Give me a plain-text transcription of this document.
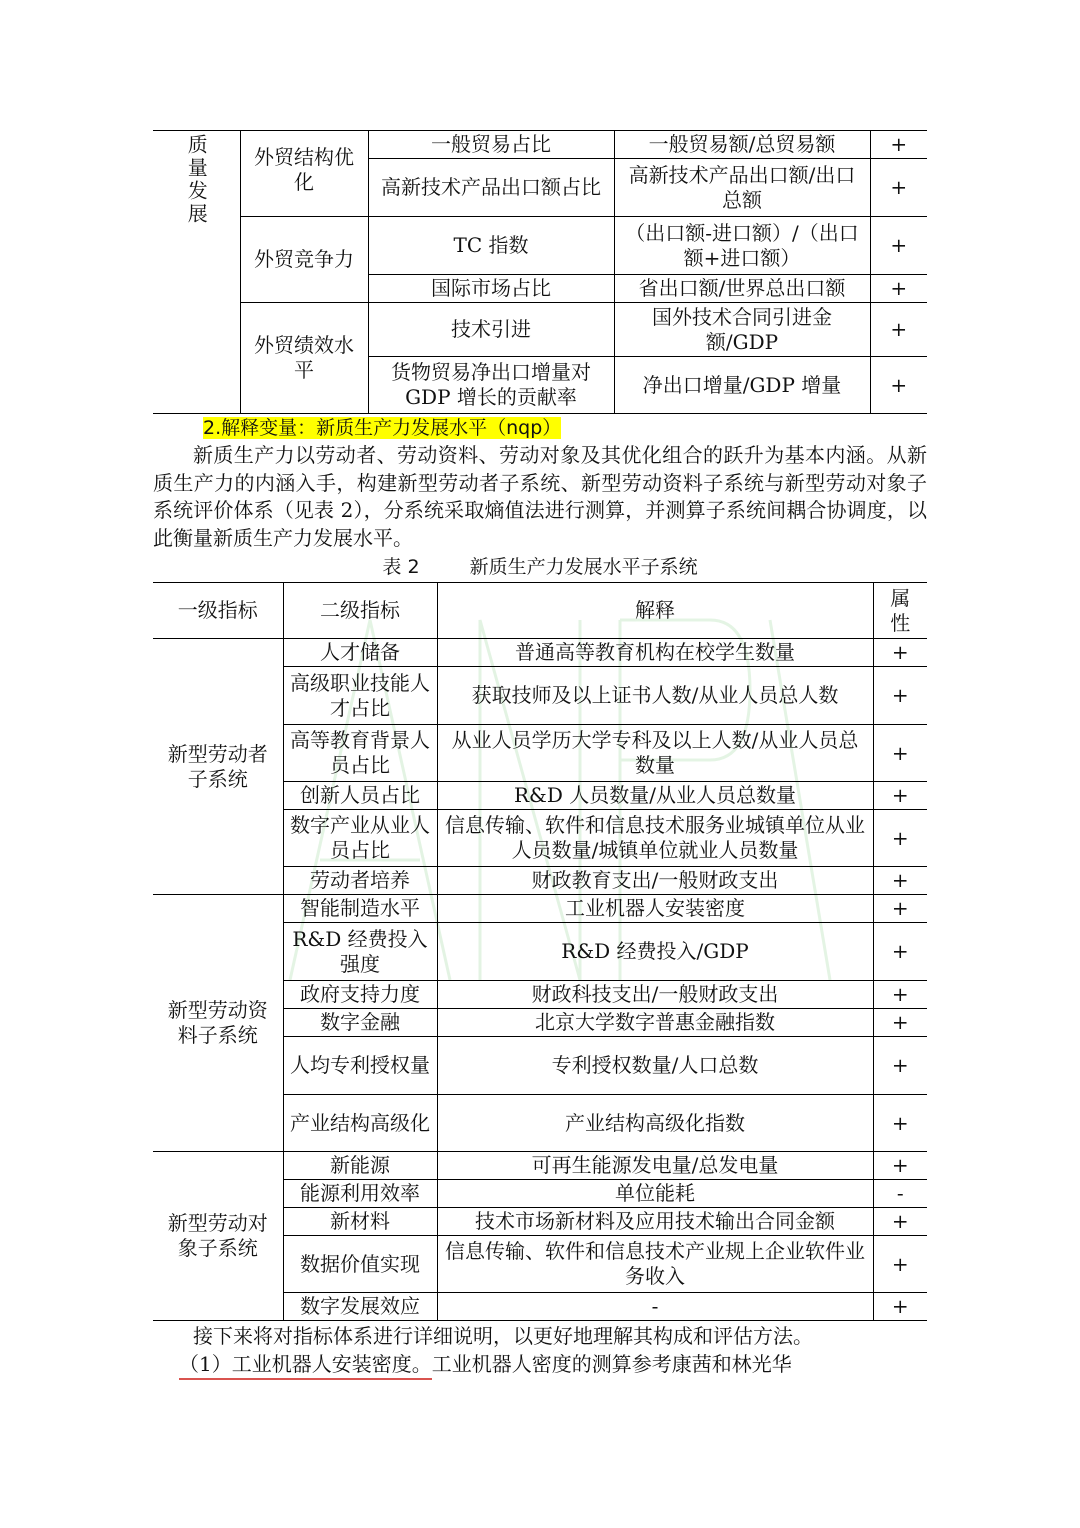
质量发展	外贸结构优化	一般贸易占比	一般贸易额/总贸易额	+
		高新技术产品出口额占比	高新技术产品出口额/出口总额	+
	外贸竞争力	TC 指数	（出口额-进口额）/（出口额+进口额）	+
		国际市场占比	省出口额/世界总出口额	+
	外贸绩效水平	技术引进	国外技术合同引进金额/GDP	+
		货物贸易净出口增量对GDP 增长的贡献率	净出口增量/GDP 增量	+
2.解释变量：新质生产力发展水平（nqp）

新质生产力以劳动者、劳动资料、劳动对象及其优化组合的跃升为基本内涵。从新质生产力的内涵入手，构建新型劳动者子系统、新型劳动资料子系统与新型劳动对象子系统评价体系（见表 2），分系统采取熵值法进行测算，并测算子系统间耦合协调度，以此衡量新质生产力发展水平。

表 2	新质生产力发展水平子系统
一级指标	二级指标	解释	属性
新型劳动者子系统	人才储备	普通高等教育机构在校学生数量	+
	高级职业技能人才占比	获取技师及以上证书人数/从业人员总人数	+
	高等教育背景人员占比	从业人员学历大学专科及以上人数/从业人员总数量	+
	创新人员占比	R&D 人员数量/从业人员总数量	+
	数字产业从业人员占比	信息传输、软件和信息技术服务业城镇单位从业人员数量/城镇单位就业人员数量	+
	劳动者培养	财政教育支出/一般财政支出	+
新型劳动资料子系统	智能制造水平	工业机器人安装密度	+
	R&D 经费投入强度	R&D 经费投入/GDP	+
	政府支持力度	财政科技支出/一般财政支出	+
	数字金融	北京大学数字普惠金融指数	+
	人均专利授权量	专利授权数量/人口总数	+
	产业结构高级化	产业结构高级化指数	+
新型劳动对象子系统	新能源	可再生能源发电量/总发电量	+
	能源利用效率	单位能耗	-
	新材料	技术市场新材料及应用技术输出合同金额	+
	数据价值实现	信息传输、软件和信息技术产业规上企业软件业务收入	+
	数字发展效应	-	+

接下来将对指标体系进行详细说明，以更好地理解其构成和评估方法。

（1）工业机器人安装密度。工业机器人密度的测算参考康茜和林光华
